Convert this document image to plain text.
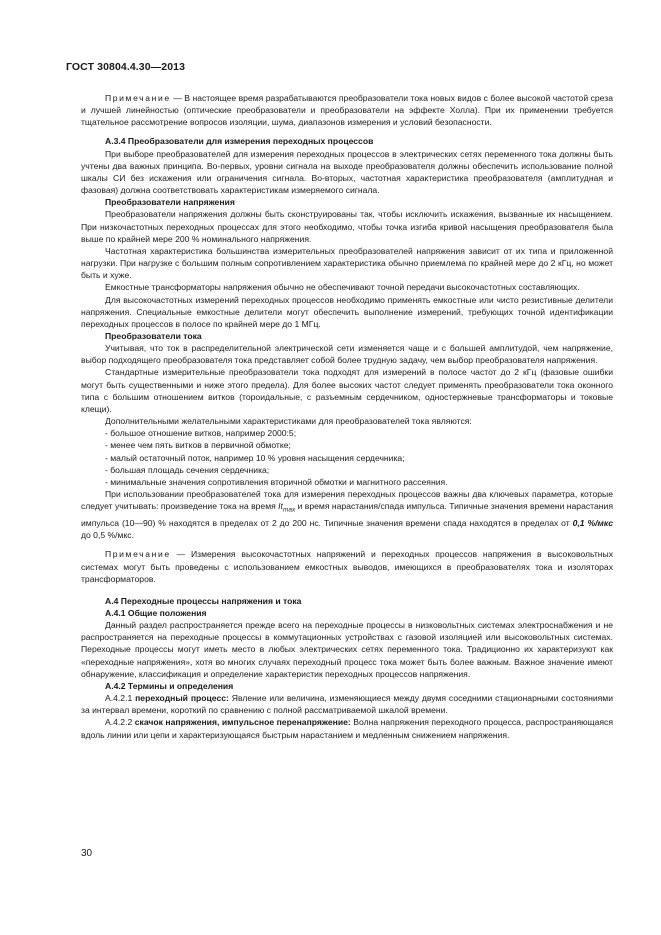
ГОСТ 30804.4.30—2013

Примечание — В настоящее время разрабатываются преобразователи тока новых видов с более высокой частотой среза и лучшей линейностью (оптические преобразователи и преобразователи на эффекте Холла). При их применении требуется тщательное рассмотрение вопросов изоляции, шума, диапазонов измерения и условий безопасности.

А.3.4 Преобразователи для измерения переходных процессов

При выборе преобразователей для измерения переходных процессов в электрических сетях переменного тока должны быть учтены два важных принципа. Во-первых, уровни сигнала на выходе преобразователя должны обеспечить использование полной шкалы СИ без искажения или ограничения сигнала. Во-вторых, частотная характеристика преобразователя (амплитудная и фазовая) должна соответствовать характеристикам измеряемого сигнала.

Преобразователи напряжения

Преобразователи напряжения должны быть сконструированы так, чтобы исключить искажения, вызванные их насыщением. При низкочастотных переходных процессах для этого необходимо, чтобы точка изгиба кривой насыщения преобразователя была выше по крайней мере 200 % номинального напряжения.

Частотная характеристика большинства измерительных преобразователей напряжения зависит от их типа и приложенной нагрузки. При нагрузке с большим полным сопротивлением характеристика обычно приемлема по крайней мере до 2 кГц, но может быть и хуже.

Емкостные трансформаторы напряжения обычно не обеспечивают точной передачи высокочастотных составляющих.

Для высокочастотных измерений переходных процессов необходимо применять емкостные или чисто резистивные делители напряжения. Специальные емкостные делители могут обеспечить выполнение измерений, требующих точной идентификации переходных процессов в полосе по крайней мере до 1 МГц.

Преобразователи тока

Учитывая, что ток в распределительной электрической сети изменяется чаще и с большей амплитудой, чем напряжение, выбор подходящего преобразователя тока представляет собой более трудную задачу, чем выбор преобразователя напряжения.

Стандартные измерительные преобразователи тока подходят для измерений в полосе частот до 2 кГц (фазовые ошибки могут быть существенными и ниже этого предела). Для более высоких частот следует применять преобразователи тока оконного типа с большим отношением витков (тороидальные, с разъемным сердечником, одностержневые трансформаторы и токовые клещи).

Дополнительными желательными характеристиками для преобразователей тока являются:

- большое отношение витков, например 2000:5;

- менее чем пять витков в первичной обмотке;

- малый остаточный поток, например 10 % уровня насыщения сердечника;

- большая площадь сечения сердечника;

- минимальные значения сопротивления вторичной обмотки и магнитного рассеяния.

При использовании преобразователей тока для измерения переходных процессов важны два ключевых параметра, которые следует учитывать: произведение тока на время $It_{max}$ и время нарастания/спада импульса. Типичные значения времени нарастания импульса (10—90) % находятся в пределах от 2 до 200 нс. Типичные значения времени спада находятся в пределах от 0,1 %/мкс до 0,5 %/мкс.

Примечание — Измерения высокочастотных напряжений и переходных процессов напряжения в высоковольтных системах могут быть проведены с использованием емкостных выводов, имеющихся в преобразователях тока и изоляторах трансформаторов.

А.4 Переходные процессы напряжения и тока

А.4.1 Общие положения

Данный раздел распространяется прежде всего на переходные процессы в низковольтных системах электроснабжения и не распространяется на переходные процессы в коммутационных устройствах с газовой изоляцией или высоковольтных системах. Переходные процессы могут иметь место в любых электрических сетях переменного тока. Традиционно их характеризуют как «переходные напряжения», хотя во многих случаях переходный процесс тока может быть более важным. Важное значение имеют обнаружение, классификация и определение характеристик переходных процессов напряжения.

А.4.2 Термины и определения

А.4.2.1 переходный процесс: Явление или величина, изменяющиеся между двумя соседними стационарными состояниями за интервал времени, короткий по сравнению с полной рассматриваемой шкалой времени.

А.4.2.2 скачок напряжения, импульсное перенапряжение: Волна напряжения переходного процесса, распространяющаяся вдоль линии или цепи и характеризующаяся быстрым нарастанием и медленным снижением напряжения.

30
